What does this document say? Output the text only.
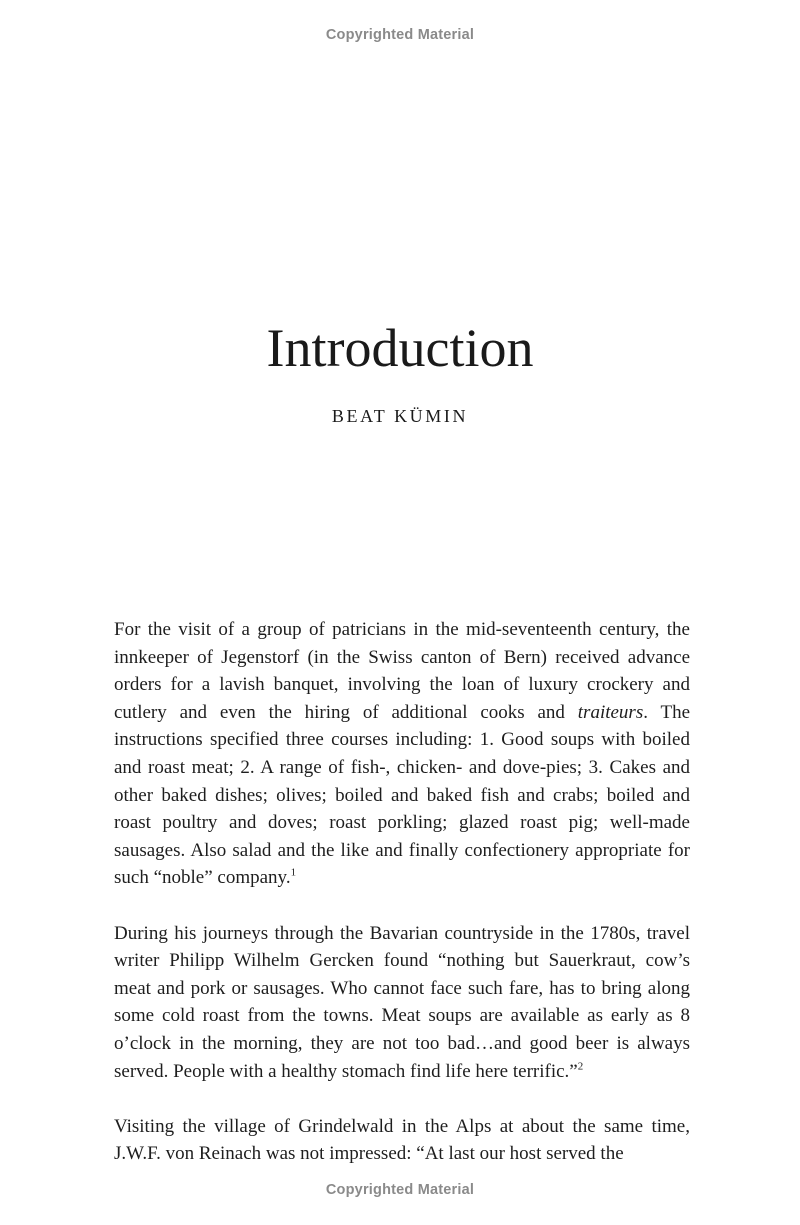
Copyrighted Material
Introduction
BEAT KÜMIN

For the visit of a group of patricians in the mid-seventeenth century, the innkeeper of Jegenstorf (in the Swiss canton of Bern) received advance orders for a lavish banquet, involving the loan of luxury crockery and cutlery and even the hiring of additional cooks and traiteurs. The instructions specified three courses including: 1. Good soups with boiled and roast meat; 2. A range of fish-, chicken- and dove-pies; 3. Cakes and other baked dishes; olives; boiled and baked fish and crabs; boiled and roast poultry and doves; roast porkling; glazed roast pig; well-made sausages. Also salad and the like and finally confectionery appropriate for such “noble” company.$^1$

During his journeys through the Bavarian countryside in the 1780s, travel writer Philipp Wilhelm Gercken found “nothing but Sauerkraut, cow’s meat and pork or sausages. Who cannot face such fare, has to bring along some cold roast from the towns. Meat soups are available as early as 8 o’clock in the morning, they are not too bad…and good beer is always served. People with a healthy stomach find life here terrific.”$^2$

Visiting the village of Grindelwald in the Alps at about the same time, J.W.F. von Reinach was not impressed: “At last our host served the

Copyrighted Material
